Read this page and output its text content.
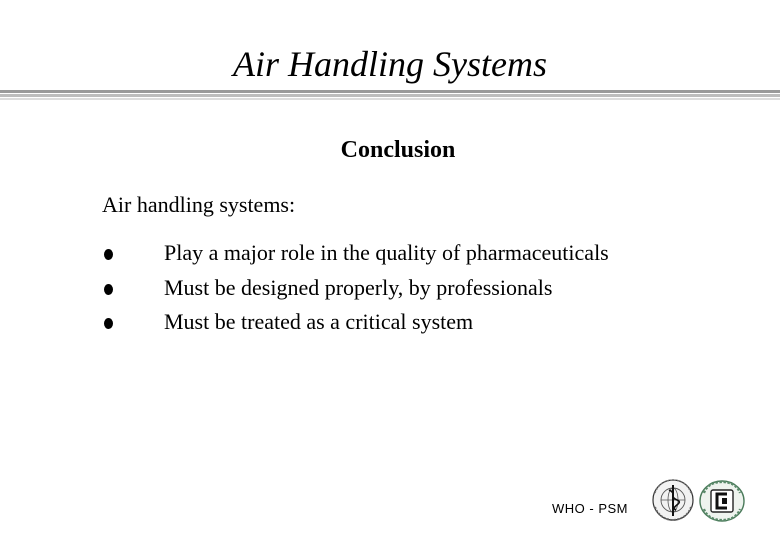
Air Handling Systems
Conclusion
Air handling systems:
Play a major role in the quality of pharmaceuticals
Must be designed properly, by professionals
Must be treated as a critical system
WHO - PSM
